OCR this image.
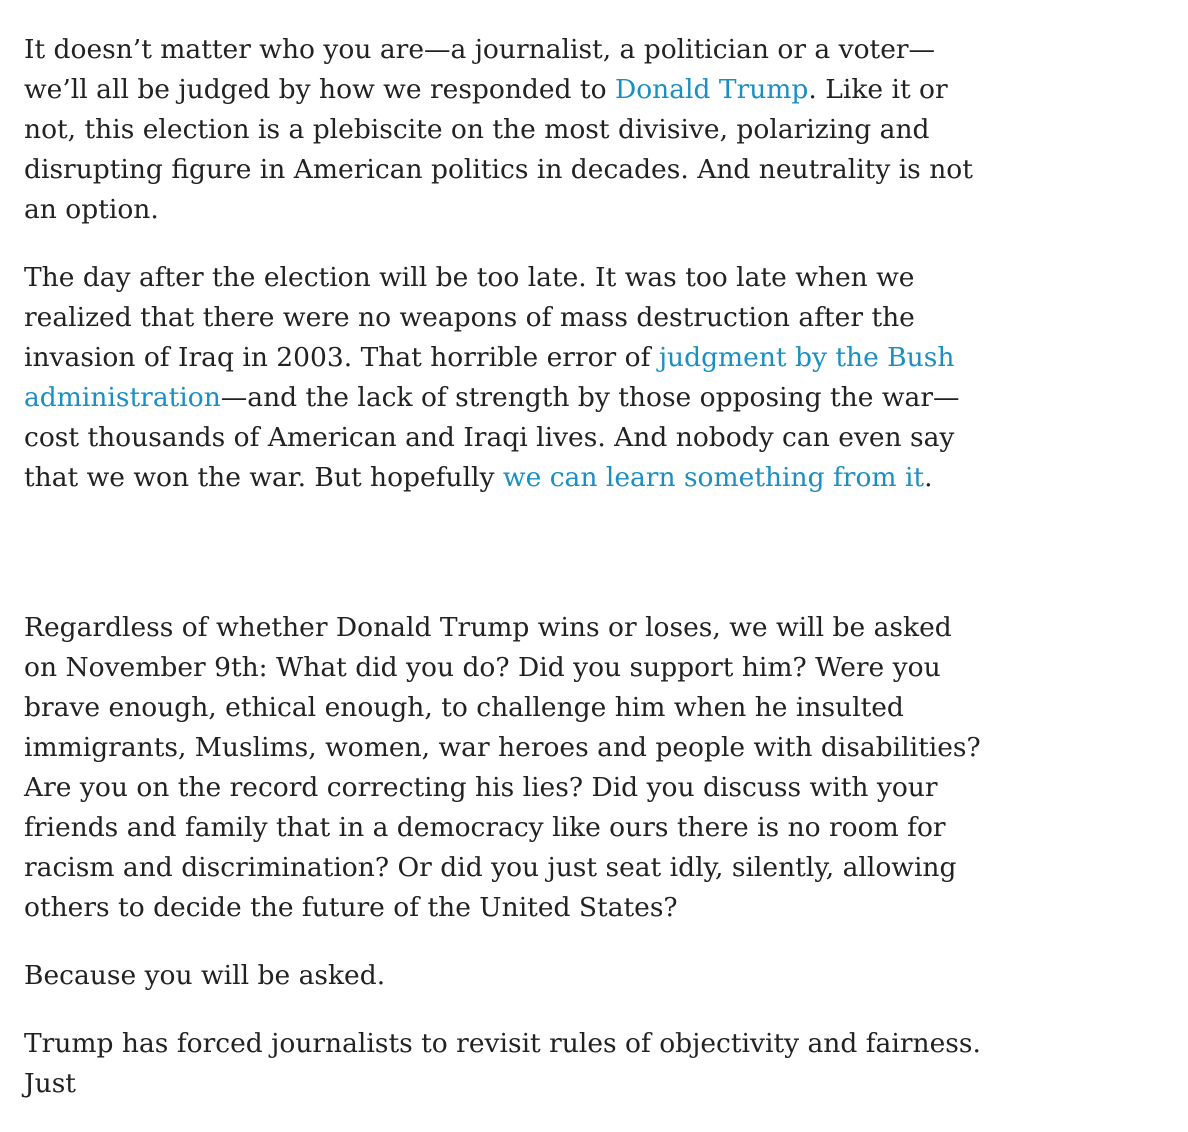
It doesn’t matter who you are—a journalist, a politician or a voter—we’ll all be judged by how we responded to Donald Trump. Like it or not, this election is a plebiscite on the most divisive, polarizing and disrupting figure in American politics in decades. And neutrality is not an option.

The day after the election will be too late. It was too late when we realized that there were no weapons of mass destruction after the invasion of Iraq in 2003. That horrible error of judgment by the Bush administration—and the lack of strength by those opposing the war—cost thousands of American and Iraqi lives. And nobody can even say that we won the war. But hopefully we can learn something from it.

Regardless of whether Donald Trump wins or loses, we will be asked on November 9th: What did you do? Did you support him? Were you brave enough, ethical enough, to challenge him when he insulted immigrants, Muslims, women, war heroes and people with disabilities? Are you on the record correcting his lies? Did you discuss with your friends and family that in a democracy like ours there is no room for racism and discrimination? Or did you just seat idly, silently, allowing others to decide the future of the United States?

Because you will be asked.

Trump has forced journalists to revisit rules of objectivity and fairness. Just
